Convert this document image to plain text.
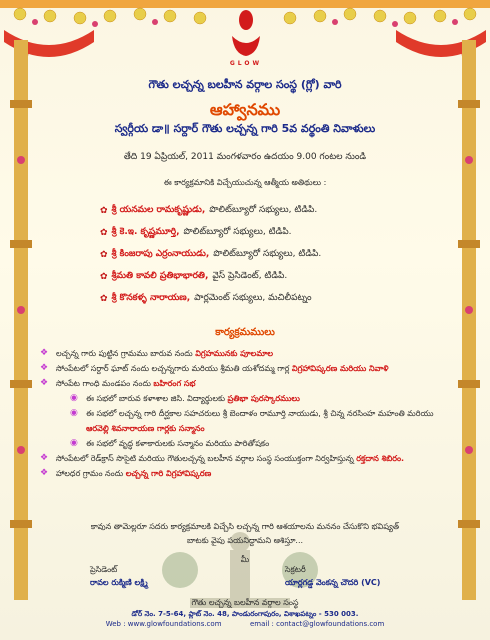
GLOW
గౌతు లచ్చన్న బలహీన వర్గాల సంస్థ (గ్లో) వారి
ఆహ్వానము
స్వర్గీయ డా॥ సర్దార్ గౌతు లచ్చన్న గారి 5వ వర్థంతి నివాళులు
తేది 19 ఏప్రియల్, 2011 మంగళవారం ఉదయం 9.00 గంటల నుండి
ఈ కార్యక్రమానికి విచ్చేయుచున్న ఆత్మీయ అతిథులు :
✿ శ్రీ యనమల రామకృష్ణుడు, పొలిట్‌బ్యూరో సభ్యులు, టిడిపి.
✿ శ్రీ కె.ఇ. కృష్ణమూర్తి, పొలిట్‌బ్యూరో సభ్యులు, టిడిపి.
✿ శ్రీ కింజరాపు ఎర్రంనాయుడు, పొలిట్‌బ్యూరో సభ్యులు, టిడిపి.
✿ శ్రీమతి కావలి ప్రతిభాభారతి, వైస్ ప్రెసిడెంట్, టిడిపి.
✿ శ్రీ కొనకళ్ళ నారాయణ, పార్లమెంట్ సభ్యులు, మచిలీపట్నం
కార్యక్రమములు
❖ లచ్చన్న గారు పుట్టిన గ్రామము బారువ నందు విగ్రహమునకు పూలమాల
❖ సోంపేటలో సర్దార్ ఘాట్ నందు లచ్చన్నగారు మరియు శ్రీమతి యశోదమ్మ గార్ల విగ్రహావిష్కరణ మరియు నివాళి
❖ సోంపేట గాంధి మండపం నందు బహిరంగ సభ
◉ ఈ సభలో బారువ కళాశాల జిసి. విద్యార్థులకు ప్రతిభా పురస్కారములు
◉ ఈ సభలో లచ్చన్న గారి దీర్ఘకాల సహచరులు శ్రీ బెందాళం రామూర్తి నాయుడు, శ్రీ చిన్న నరసింహ మహంతి మరియు ఆరవెల్లి శివనారాయణ గార్లకు సన్మానం
◉ ఈ సభలో వృద్ధ కళాకారులకు సన్మానం మరియు పారితోషకం
❖ సోంపేటలో రెడ్‌క్రాస్ సొసైటి మరియు గౌతులచ్చన్న బలహీన వర్గాల సంస్థ సంయుక్తంగా నిర్వహిస్తున్న రక్తదాన శిబిరం.
❖ హాలధర గ్రామం నందు లచ్చన్న గారి విగ్రహావిష్కరణ
కావున తామెల్లరూ సదరు కార్యక్రమాలకి విచ్చేసి లచ్చన్న గారి ఆశయాలను మననం చేసుకొని భవిష్యత్
బాటకు వైపు పయనిద్దామని ఆశిస్తూ...
మీ
ప్రెసిడెంట్
రావల రుక్మిణి లక్ష్మి
సెక్రటరీ
యార్లగడ్డ వెంకన్న చౌదరి (VC)
గౌతు లచ్చన్న బలహీన వర్గాల సంస్థ
డోర్ నెం. 7-5-64, ప్లాట్ నెం. 48, పాండురంగాపురం, విశాఖపట్నం - 530 003.
Web : www.glowfoundations.com	email : contact@glowfoundations.com
